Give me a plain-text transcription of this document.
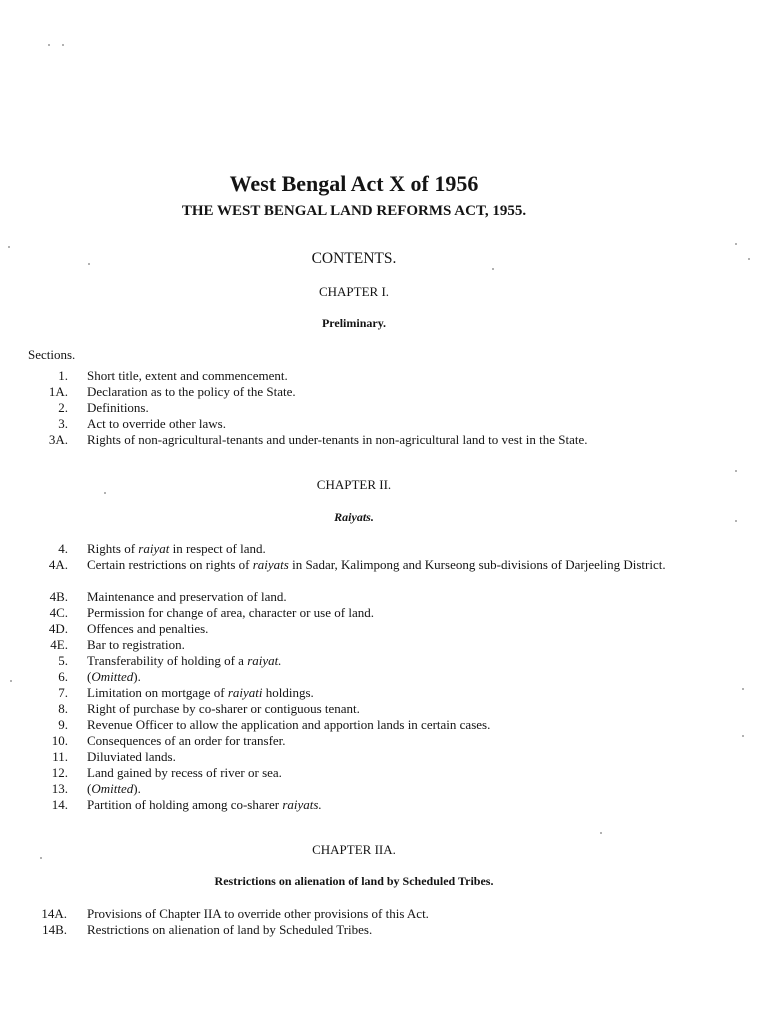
West Bengal Act X of 1956
THE WEST BENGAL LAND REFORMS ACT, 1955.
CONTENTS.
CHAPTER I.
Preliminary.
Sections.
1. Short title, extent and commencement.
1A. Declaration as to the policy of the State.
2. Definitions.
3. Act to override other laws.
3A. Rights of non-agricultural-tenants and under-tenants in non-agricultural land to vest in the State.
CHAPTER II.
Raiyats.
4. Rights of raiyat in respect of land.
4A. Certain restrictions on rights of raiyats in Sadar, Kalimpong and Kurseong sub-divisions of Darjeeling District.
4B. Maintenance and preservation of land.
4C. Permission for change of area, character or use of land.
4D. Offences and penalties.
4E. Bar to registration.
5. Transferability of holding of a raiyat.
6. (Omitted).
7. Limitation on mortgage of raiyati holdings.
8. Right of purchase by co-sharer or contiguous tenant.
9. Revenue Officer to allow the application and apportion lands in certain cases.
10. Consequences of an order for transfer.
11. Diluviated lands.
12. Land gained by recess of river or sea.
13. (Omitted).
14. Partition of holding among co-sharer raiyats.
CHAPTER IIA.
Restrictions on alienation of land by Scheduled Tribes.
14A. Provisions of Chapter IIA to override other provisions of this Act.
14B. Restrictions on alienation of land by Scheduled Tribes.
